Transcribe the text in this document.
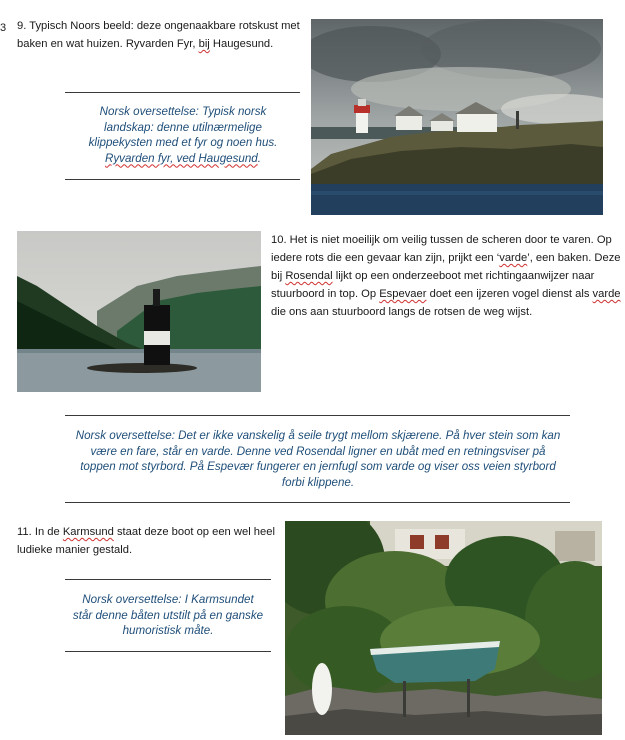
3 9. Typisch Noors beeld: deze ongenaakbare rotskust met baken en wat huizen. Ryvarden Fyr, bij Haugesund.
Norsk oversettelse: Typisk norsk landskap: denne utilnærmelige klippekysten med et fyr og noen hus. Ryvarden fyr, ved Haugesund.
10. Het is niet moeilijk om veilig tussen de scheren door te varen. Op iedere rots die een gevaar kan zijn, prijkt een ‘varde’, een baken. Deze bij Rosendal lijkt op een onderzeeboot met richtingaanwijzer naar stuurboord in top. Op Espevaer doet een ijzeren vogel dienst als varde die ons aan stuurboord langs de rotsen de weg wijst.
Norsk oversettelse: Det er ikke vanskelig å seile trygt mellom skjærene. På hver stein som kan være en fare, står en varde. Denne ved Rosendal ligner en ubåt med en retningsviser på toppen mot styrbord. På Espevær fungerer en jernfugl som varde og viser oss veien styrbord forbi klippene.
11. In de Karmsund staat deze boot op een wel heel ludieke manier gestald.
Norsk oversettelse: I Karmsundet står denne båten utstilt på en ganske humoristisk måte.
